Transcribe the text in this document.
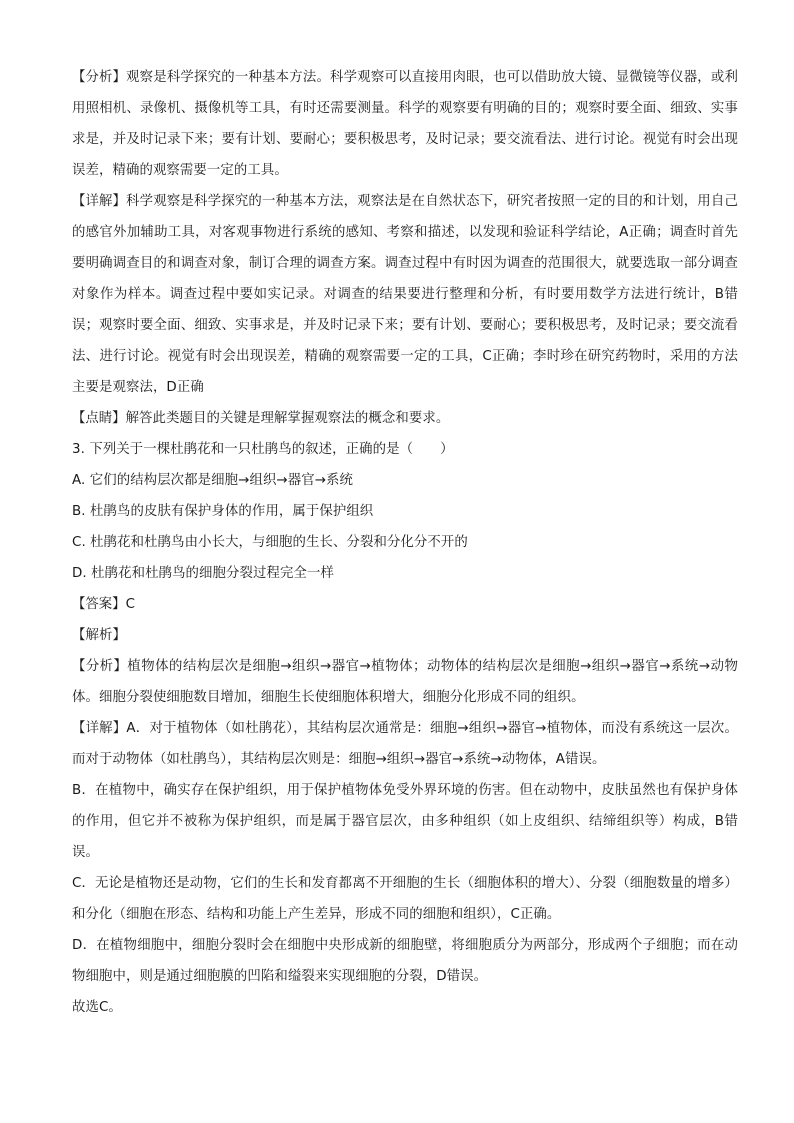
【分析】观察是科学探究的一种基本方法。科学观察可以直接用肉眼，也可以借助放大镜、显微镜等仪器，或利用照相机、录像机、摄像机等工具，有时还需要测量。科学的观察要有明确的目的；观察时要全面、细致、实事求是，并及时记录下来；要有计划、要耐心；要积极思考，及时记录；要交流看法、进行讨论。视觉有时会出现误差，精确的观察需要一定的工具。

【详解】科学观察是科学探究的一种基本方法，观察法是在自然状态下，研究者按照一定的目的和计划，用自己的感官外加辅助工具，对客观事物进行系统的感知、考察和描述，以发现和验证科学结论，A正确；调查时首先要明确调查目的和调查对象，制订合理的调查方案。调查过程中有时因为调查的范围很大，就要选取一部分调查对象作为样本。调查过程中要如实记录。对调查的结果要进行整理和分析，有时要用数学方法进行统计，B错误；观察时要全面、细致、实事求是，并及时记录下来；要有计划、要耐心；要积极思考，及时记录；要交流看法、进行讨论。视觉有时会出现误差，精确的观察需要一定的工具，C正确；李时珍在研究药物时，采用的方法主要是观察法，D正确

【点睛】解答此类题目的关键是理解掌握观察法的概念和要求。

3. 下列关于一棵杜鹃花和一只杜鹃鸟的叙述，正确的是（　　）

A. 它们的结构层次都是细胞→组织→器官→系统

B. 杜鹃鸟的皮肤有保护身体的作用，属于保护组织

C. 杜鹃花和杜鹃鸟由小长大，与细胞的生长、分裂和分化分不开的

D. 杜鹃花和杜鹃鸟的细胞分裂过程完全一样

【答案】C

【解析】

【分析】植物体的结构层次是细胞→组织→器官→植物体；动物体的结构层次是细胞→组织→器官→系统→动物体。细胞分裂使细胞数目增加，细胞生长使细胞体积增大，细胞分化形成不同的组织。

【详解】A．对于植物体（如杜鹃花），其结构层次通常是：细胞→组织→器官→植物体，而没有系统这一层次。而对于动物体（如杜鹃鸟），其结构层次则是：细胞→组织→器官→系统→动物体，A错误。

B．在植物中，确实存在保护组织，用于保护植物体免受外界环境的伤害。但在动物中，皮肤虽然也有保护身体的作用，但它并不被称为保护组织，而是属于器官层次，由多种组织（如上皮组织、结缔组织等）构成，B错误。

C．无论是植物还是动物，它们的生长和发育都离不开细胞的生长（细胞体积的增大）、分裂（细胞数量的增多）和分化（细胞在形态、结构和功能上产生差异，形成不同的细胞和组织），C正确。

D．在植物细胞中，细胞分裂时会在细胞中央形成新的细胞壁，将细胞质分为两部分，形成两个子细胞；而在动物细胞中，则是通过细胞膜的凹陷和缢裂来实现细胞的分裂，D错误。

故选C。
